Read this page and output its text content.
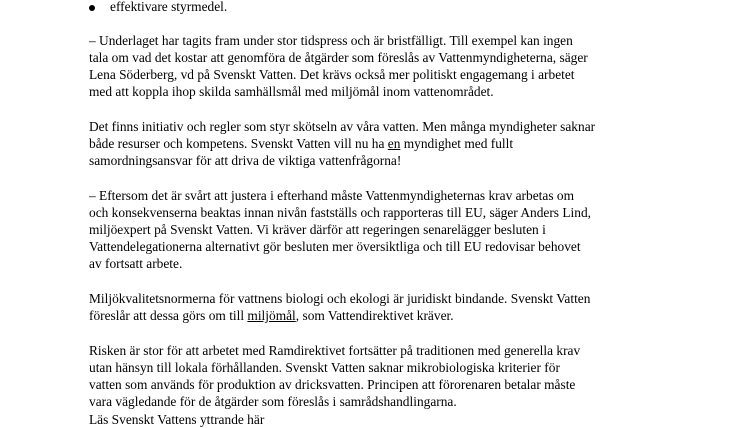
effektivare styrmedel.
– Underlaget har tagits fram under stor tidspress och är bristfälligt. Till exempel kan ingen
tala om vad det kostar att genomföra de åtgärder som föreslås av Vattenmyndigheterna, säger
Lena Söderberg, vd på Svenskt Vatten. Det krävs också mer politiskt engagemang i arbetet
med att koppla ihop skilda samhällsmål med miljömål inom vattenområdet.
Det finns initiativ och regler som styr skötseln av våra vatten. Men många myndigheter saknar
både resurser och kompetens. Svenskt Vatten vill nu ha en myndighet med fullt
samordningsansvar för att driva de viktiga vattenfrågorna!
– Eftersom det är svårt att justera i efterhand måste Vattenmyndigheternas krav arbetas om
och konsekvenserna beaktas innan nivån fastställs och rapporteras till EU, säger Anders Lind,
miljöexpert på Svenskt Vatten. Vi kräver därför att regeringen senarelägger besluten i
Vattendelegationerna alternativt gör besluten mer översiktliga och till EU redovisar behovet
av fortsatt arbete.
Miljökvalitetsnormerna för vattnens biologi och ekologi är juridiskt bindande. Svenskt Vatten
föreslår att dessa görs om till miljömål, som Vattendirektivet kräver.
Risken är stor för att arbetet med Ramdirektivet fortsätter på traditionen med generella krav
utan hänsyn till lokala förhållanden. Svenskt Vatten saknar mikrobiologiska kriterier för
vatten som används för produktion av dricksvatten. Principen att förorenaren betalar måste
vara vägledande för de åtgärder som föreslås i samrådshandlingarna.
Läs Svenskt Vattens yttrande här
